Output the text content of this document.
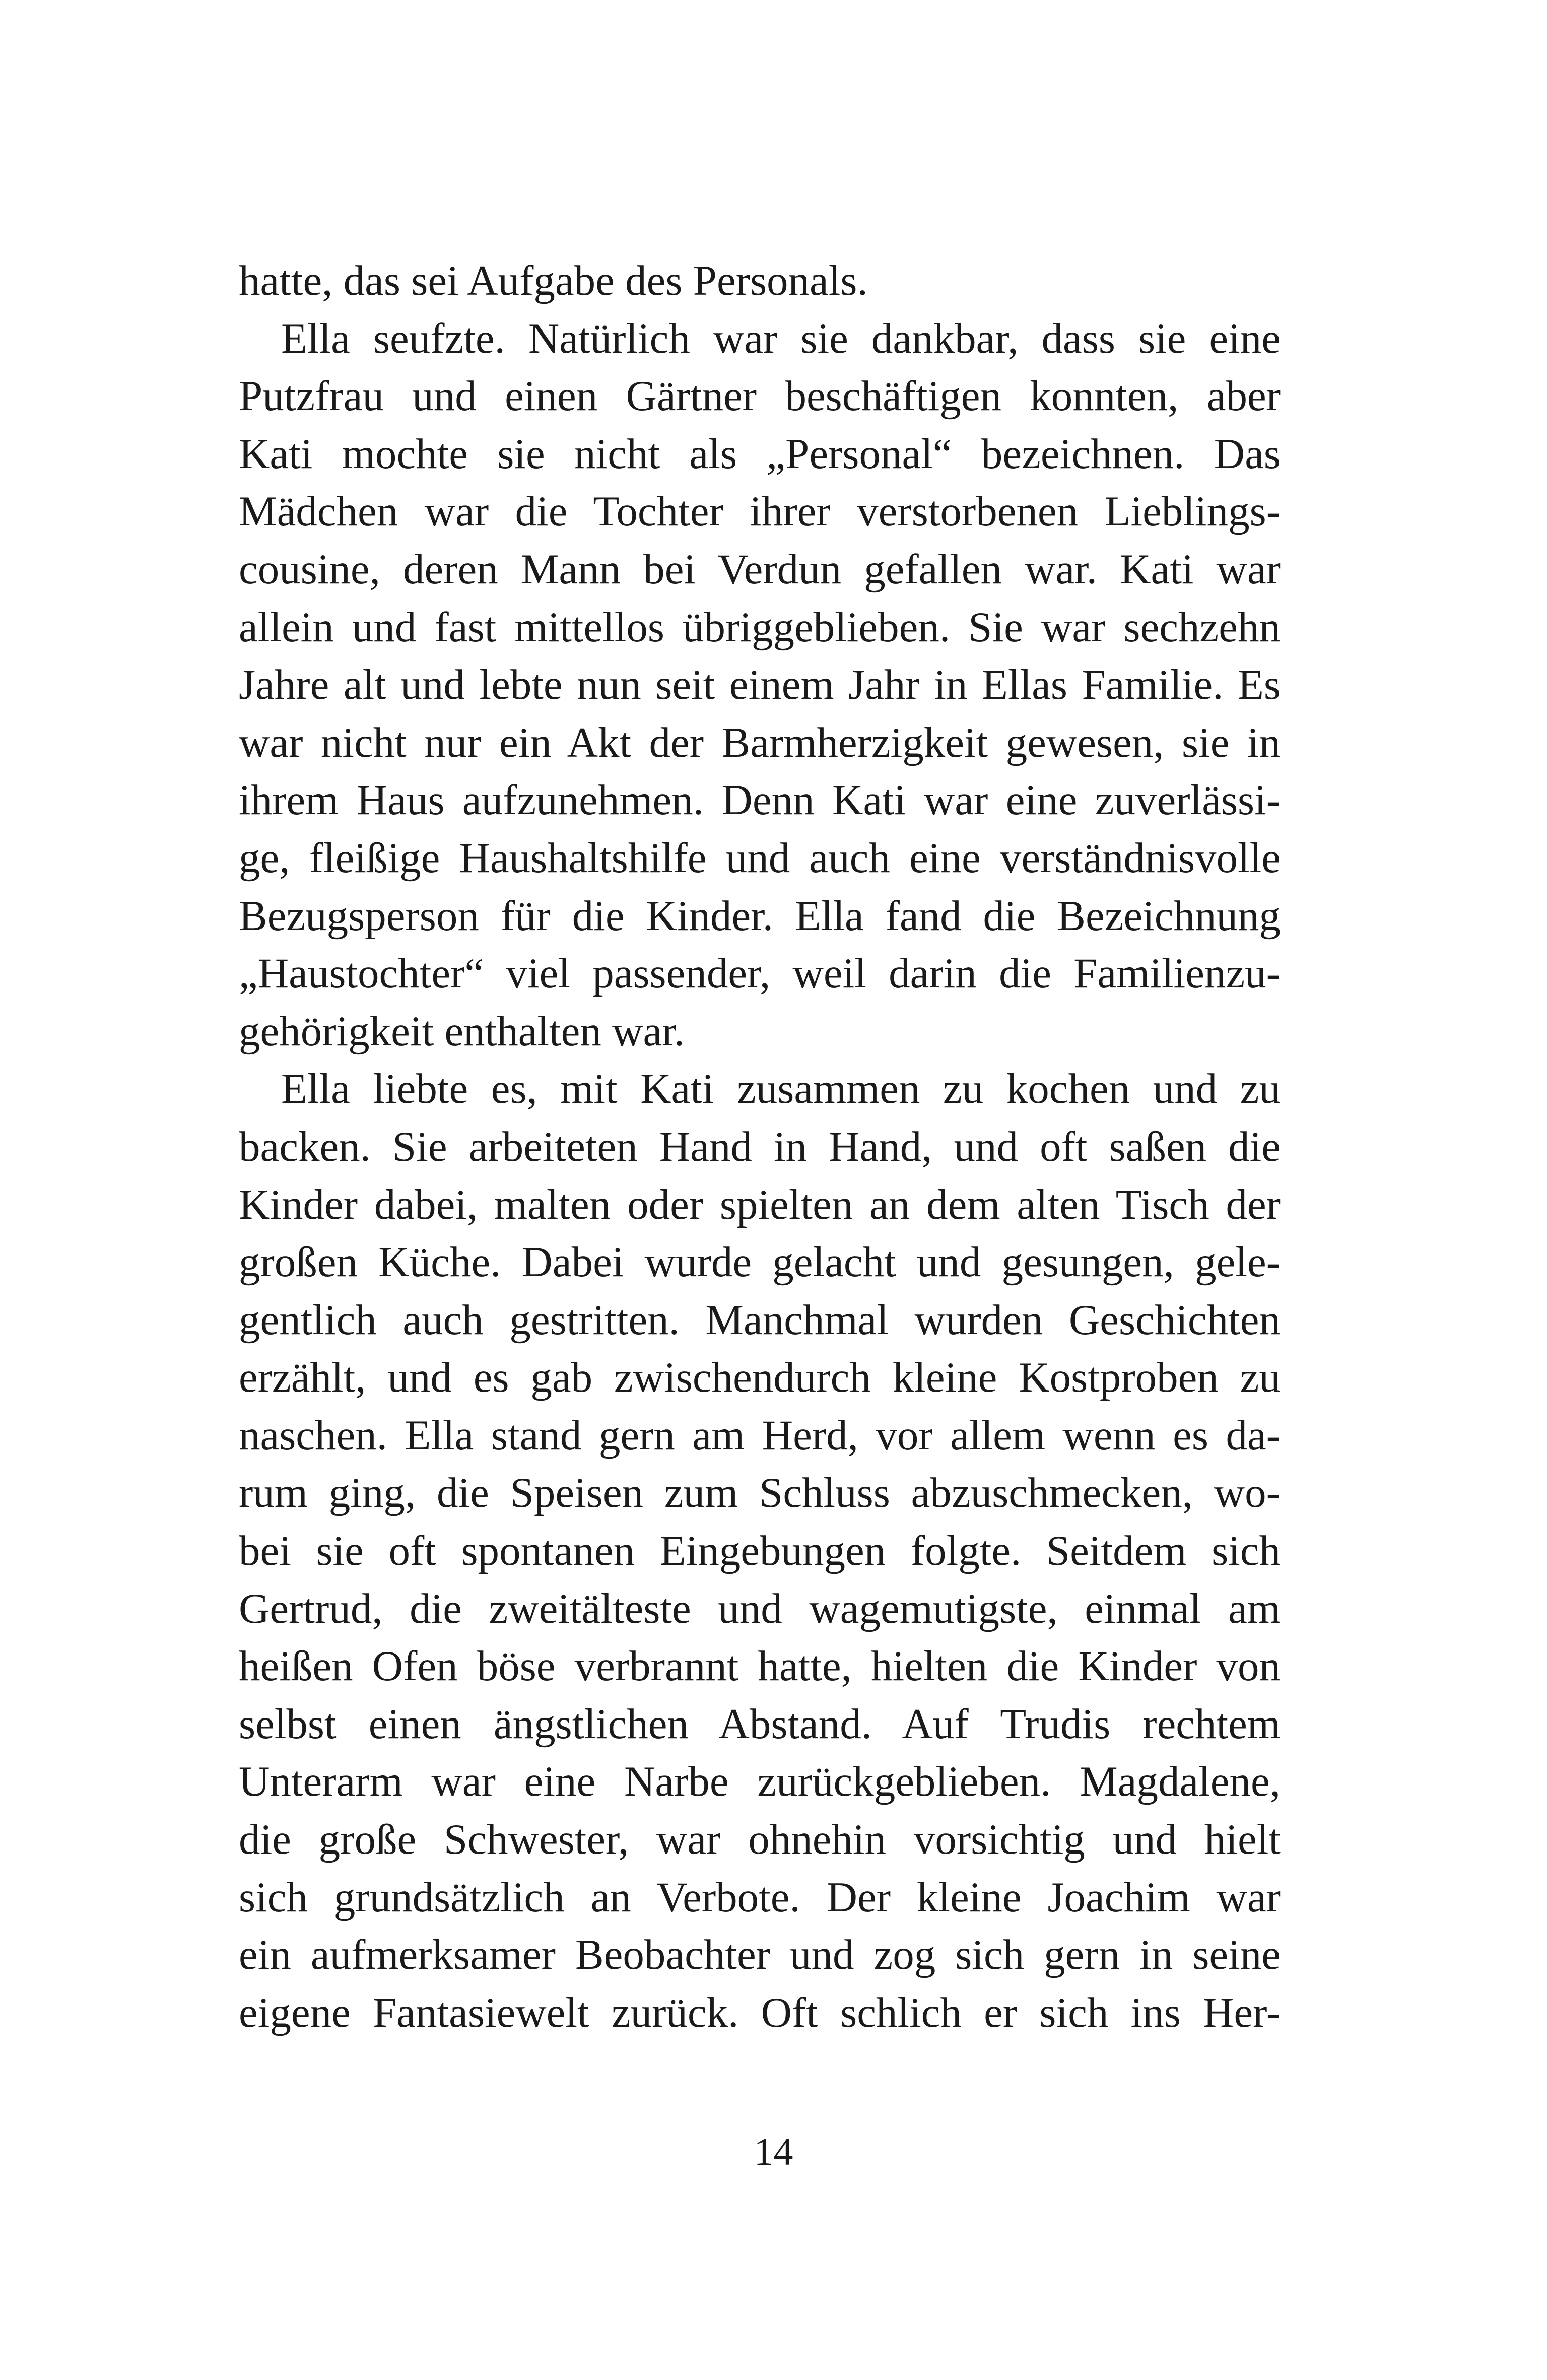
hatte, das sei Aufgabe des Personals.
Ella seufzte. Natürlich war sie dankbar, dass sie eine
Putzfrau und einen Gärtner beschäftigen konnten, aber
Kati mochte sie nicht als „Personal“ bezeichnen. Das
Mädchen war die Tochter ihrer verstorbenen Lieblings-
cousine, deren Mann bei Verdun gefallen war. Kati war
allein und fast mittellos übriggeblieben. Sie war sechzehn
Jahre alt und lebte nun seit einem Jahr in Ellas Familie. Es
war nicht nur ein Akt der Barmherzigkeit gewesen, sie in
ihrem Haus aufzunehmen. Denn Kati war eine zuverlässi-
ge, fleißige Haushaltshilfe und auch eine verständnisvolle
Bezugsperson für die Kinder. Ella fand die Bezeichnung
„Haustochter“ viel passender, weil darin die Familienzu-
gehörigkeit enthalten war.
Ella liebte es, mit Kati zusammen zu kochen und zu
backen. Sie arbeiteten Hand in Hand, und oft saßen die
Kinder dabei, malten oder spielten an dem alten Tisch der
großen Küche. Dabei wurde gelacht und gesungen, gele-
gentlich auch gestritten. Manchmal wurden Geschichten
erzählt, und es gab zwischendurch kleine Kostproben zu
naschen. Ella stand gern am Herd, vor allem wenn es da-
rum ging, die Speisen zum Schluss abzuschmecken, wo-
bei sie oft spontanen Eingebungen folgte. Seitdem sich
Gertrud, die zweitälteste und wagemutigste, einmal am
heißen Ofen böse verbrannt hatte, hielten die Kinder von
selbst einen ängstlichen Abstand. Auf Trudis rechtem
Unterarm war eine Narbe zurückgeblieben. Magdalene,
die große Schwester, war ohnehin vorsichtig und hielt
sich grundsätzlich an Verbote. Der kleine Joachim war
ein aufmerksamer Beobachter und zog sich gern in seine
eigene Fantasiewelt zurück. Oft schlich er sich ins Her-
14
